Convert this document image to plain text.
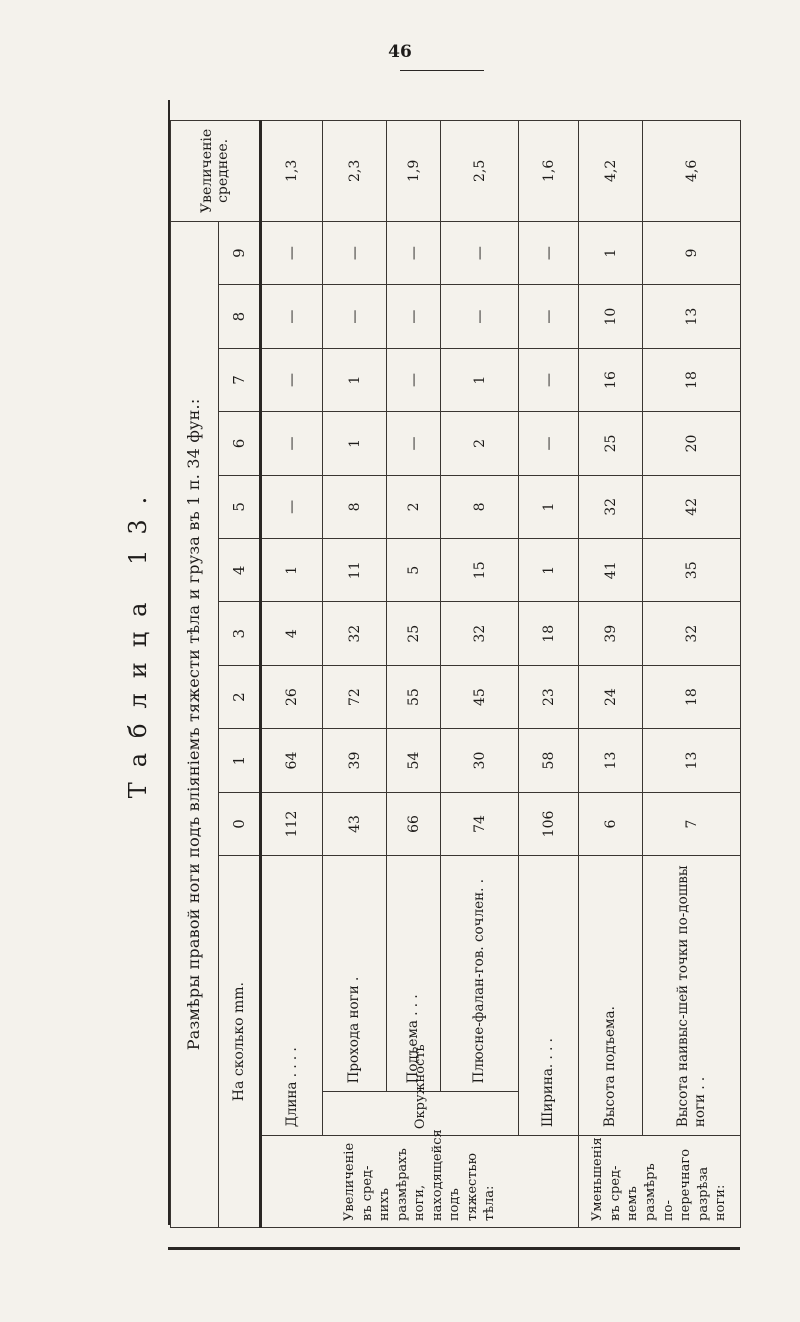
46
Таблица 13.	Размѣры правой ноги подъ вліяніемъ тяжести тѣла и груза въ 1 п. 34 фун.:													Увеличеніе среднее.
На сколько mm.			0	1	2	3	4	5	6	7	8	9	
Увеличеніе въ сред-нихъ размѣрахъ ноги, находящейся подъ тяжестью тѣла:	Длина . . . .		112	64	26	4	1	—	—	—	—	—	1,3
	Окружность	Прохода ноги .	43	39	72	32	11	8	1	1	—	—	2,3
		Подъема . . .	66	54	55	25	5	2	—	—	—	—	1,9
		Плюсне-фалан-гов. сочлен. .	74	30	45	32	15	8	2	1	—	—	2,5
	Ширина. . . .		106	58	23	18	1	1	—	—	—	—	1,6
Уменьшенія въ сред-немъ размѣръ по-перечнаго разрѣза ноги:	Высота подъема.		6	13	24	39	41	32	25	16	10	1	4,2
	Высота наивыс-шей точки по-дошвы ноги . .		7	13	18	32	35	42	20	18	13	9	4,6
